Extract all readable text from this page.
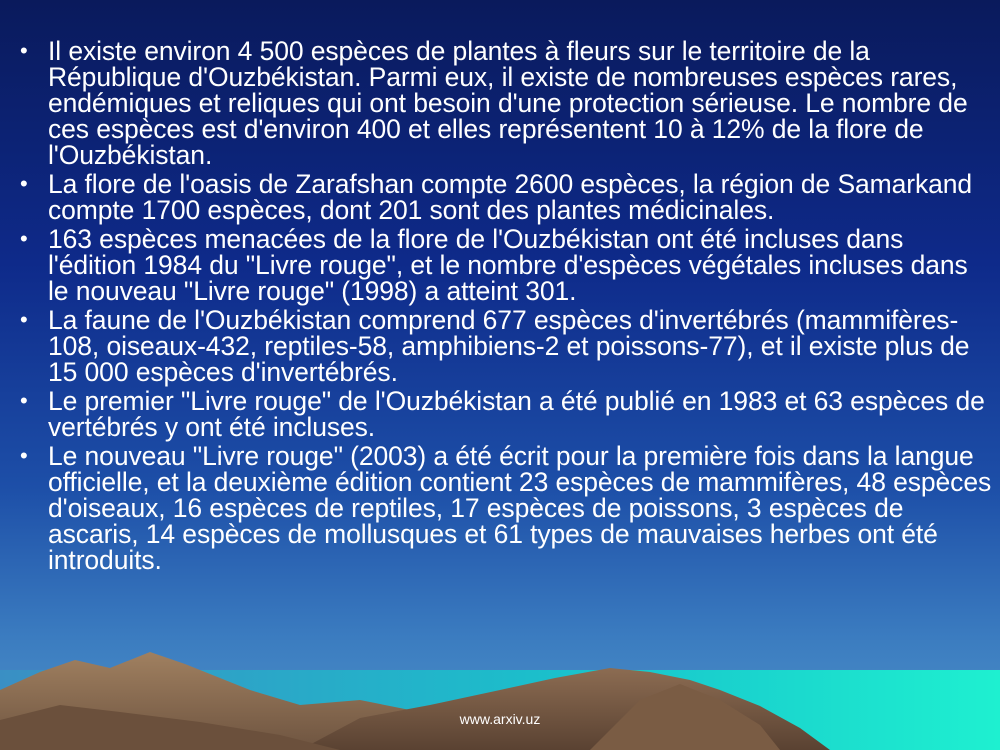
• Il existe environ 4 500 espèces de plantes à fleurs sur le territoire de la République d'Ouzbékistan. Parmi eux, il existe de nombreuses espèces rares, endémiques et reliques qui ont besoin d'une protection sérieuse. Le nombre de ces espèces est d'environ 400 et elles représentent 10 à 12% de la flore de l'Ouzbékistan.
• La flore de l'oasis de Zarafshan compte 2600 espèces, la région de Samarkand compte 1700 espèces, dont 201 sont des plantes médicinales.
• 163 espèces menacées de la flore de l'Ouzbékistan ont été incluses dans l'édition 1984 du "Livre rouge", et le nombre d'espèces végétales incluses dans le nouveau "Livre rouge" (1998) a atteint 301.
• La faune de l'Ouzbékistan comprend 677 espèces d'invertébrés (mammifères-108, oiseaux-432, reptiles-58, amphibiens-2 et poissons-77), et il existe plus de 15 000 espèces d'invertébrés.
• Le premier "Livre rouge" de l'Ouzbékistan a été publié en 1983 et 63 espèces de vertébrés y ont été incluses.
• Le nouveau "Livre rouge" (2003) a été écrit pour la première fois dans la langue officielle, et la deuxième édition contient 23 espèces de mammifères, 48 espèces d'oiseaux, 16 espèces de reptiles, 17 espèces de poissons, 3 espèces de ascaris, 14 espèces de mollusques et 61 types de mauvaises herbes ont été introduits.
www.arxiv.uz
